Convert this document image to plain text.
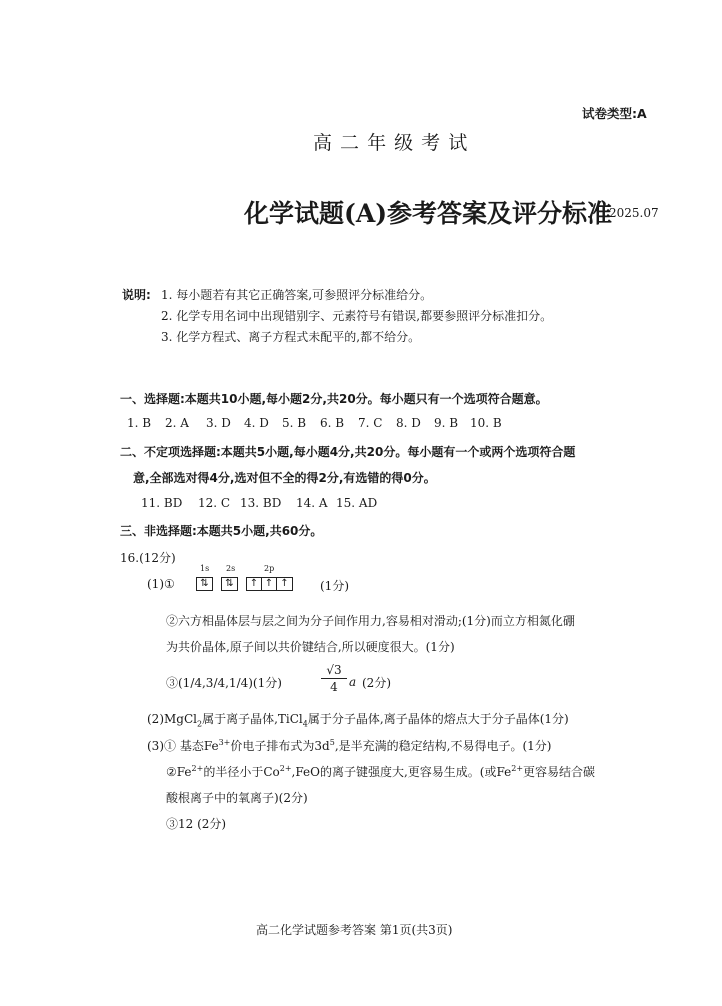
试卷类型:A
高 二 年 级 考 试
化学试题(A)参考答案及评分标准
2025.07
说明: 1. 每小题若有其它正确答案,可参照评分标准给分。
2. 化学专用名词中出现错别字、元素符号有错误,都要参照评分标准扣分。
3. 化学方程式、离子方程式未配平的,都不给分。
一、选择题:本题共10小题,每小题2分,共20分。每小题只有一个选项符合题意。
1. B	2. A	3. D	4. D	5. B	6. B	7. C	8. D	9. B 10. B
二、不定项选择题:本题共5小题,每小题4分,共20分。每小题有一个或两个选项符合题
意,全部选对得4分,选对但不全的得2分,有选错的得0分。
11. BD	12. C 13. BD	14. A 15. AD
三、非选择题:本题共5小题,共60分。
16.(12分)
(1)①
1s 2s	2p
⇅	⇅	↑ ↑ ↑	(1分)
②六方相晶体层与层之间为分子间作用力,容易相对滑动;(1分)而立方相氮化硼
为共价晶体,原子间以共价键结合,所以硬度很大。(1分)
③(1/4,3/4,1/4)(1分)	$\frac{√3}{4}$ a (2分)
(2)MgCl$_2$属于离子晶体,TiCl$_4$属于分子晶体,离子晶体的熔点大于分子晶体(1分)
(3)① 基态$Fe^{3+}$价电子排布式为$3d^5$,是半充满的稳定结构,不易得电子。(1分)
$②Fe^{2+}$的半径小于$Co^{2+},FeO$的离子键强度大,更容易生成。(或$Fe^{2+}$更容易结合碳
酸根离子中的氧离子)(2分)
③12 (2分)
高二化学试题参考答案 第1页(共3页)
